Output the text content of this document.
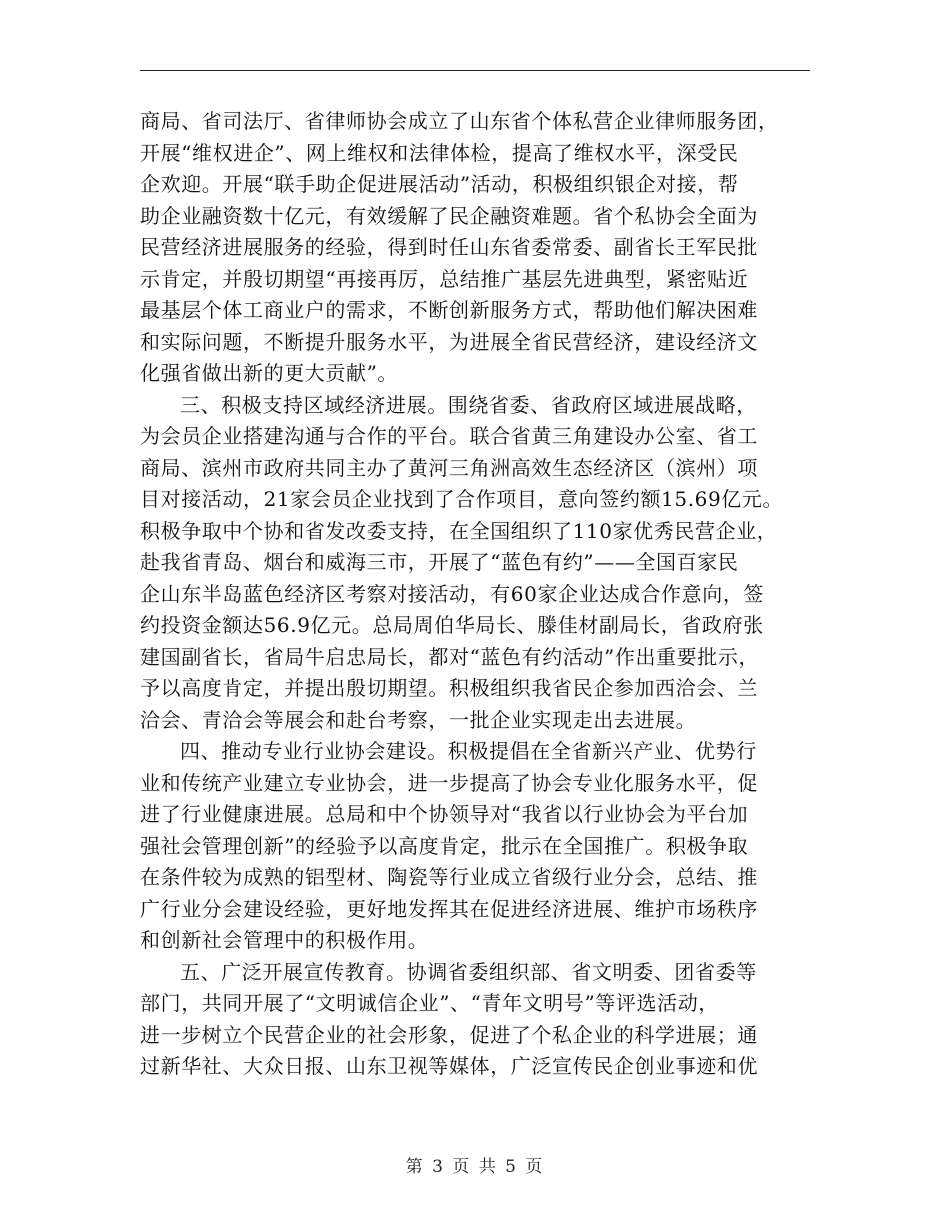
商局、省司法厅、省律师协会成立了山东省个体私营企业律师服务团，
开展“维权进企”、网上维权和法律体检，提高了维权水平，深受民
企欢迎。开展“联手助企促进展活动”活动，积极组织银企对接，帮
助企业融资数十亿元，有效缓解了民企融资难题。省个私协会全面为
民营经济进展服务的经验，得到时任山东省委常委、副省长王军民批
示肯定，并殷切期望“再接再厉，总结推广基层先进典型，紧密贴近
最基层个体工商业户的需求，不断创新服务方式，帮助他们解决困难
和实际问题，不断提升服务水平，为进展全省民营经济，建设经济文
化强省做出新的更大贡献”。
三、积极支持区域经济进展。围绕省委、省政府区域进展战略，
为会员企业搭建沟通与合作的平台。联合省黄三角建设办公室、省工
商局、滨州市政府共同主办了黄河三角洲高效生态经济区（滨州）项
目对接活动，21家会员企业找到了合作项目，意向签约额15.69亿元。
积极争取中个协和省发改委支持，在全国组织了110家优秀民营企业，
赴我省青岛、烟台和威海三市，开展了“蓝色有约”——全国百家民
企山东半岛蓝色经济区考察对接活动，有60家企业达成合作意向，签
约投资金额达56.9亿元。总局周伯华局长、滕佳材副局长，省政府张
建国副省长，省局牛启忠局长，都对“蓝色有约活动”作出重要批示，
予以高度肯定，并提出殷切期望。积极组织我省民企参加西洽会、兰
洽会、青洽会等展会和赴台考察，一批企业实现走出去进展。
四、推动专业行业协会建设。积极提倡在全省新兴产业、优势行
业和传统产业建立专业协会，进一步提高了协会专业化服务水平，促
进了行业健康进展。总局和中个协领导对“我省以行业协会为平台加
强社会管理创新”的经验予以高度肯定，批示在全国推广。积极争取
在条件较为成熟的铝型材、陶瓷等行业成立省级行业分会，总结、推
广行业分会建设经验，更好地发挥其在促进经济进展、维护市场秩序
和创新社会管理中的积极作用。
五、广泛开展宣传教育。协调省委组织部、省文明委、团省委等
部门，共同开展了“文明诚信企业”、“青年文明号”等评选活动，
进一步树立个民营企业的社会形象，促进了个私企业的科学进展；通
过新华社、大众日报、山东卫视等媒体，广泛宣传民企创业事迹和优
第 3 页 共 5 页
